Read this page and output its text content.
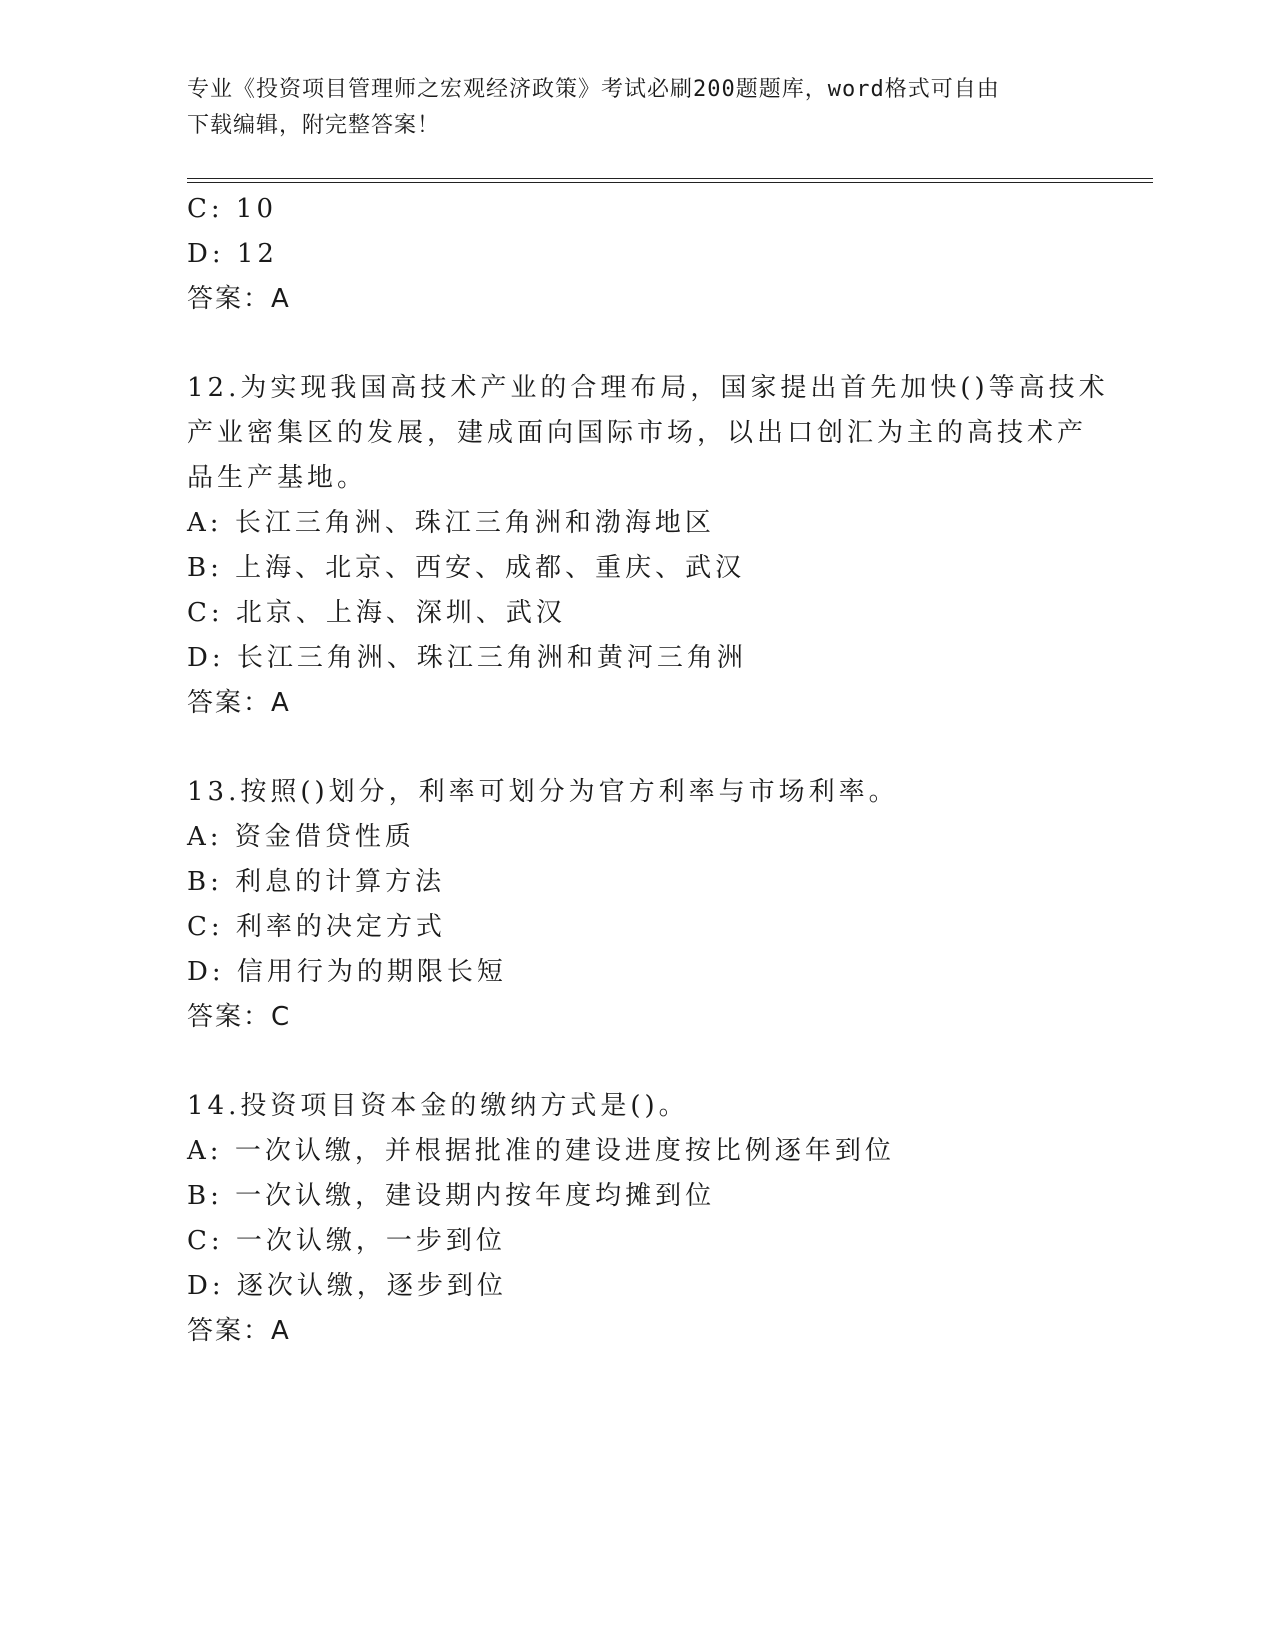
专业《投资项目管理师之宏观经济政策》考试必刷200题题库，word格式可自由
下载编辑，附完整答案！
C: 10
D: 12
答案：A
12.为实现我国高技术产业的合理布局，国家提出首先加快()等高技术
产业密集区的发展，建成面向国际市场，以出口创汇为主的高技术产
品生产基地。
A: 长江三角洲、珠江三角洲和渤海地区
B: 上海、北京、西安、成都、重庆、武汉
C: 北京、上海、深圳、武汉
D: 长江三角洲、珠江三角洲和黄河三角洲
答案：A
13.按照()划分，利率可划分为官方利率与市场利率。
A: 资金借贷性质
B: 利息的计算方法
C: 利率的决定方式
D: 信用行为的期限长短
答案：C
14.投资项目资本金的缴纳方式是()。
A: 一次认缴，并根据批准的建设进度按比例逐年到位
B: 一次认缴，建设期内按年度均摊到位
C: 一次认缴，一步到位
D: 逐次认缴，逐步到位
答案：A
